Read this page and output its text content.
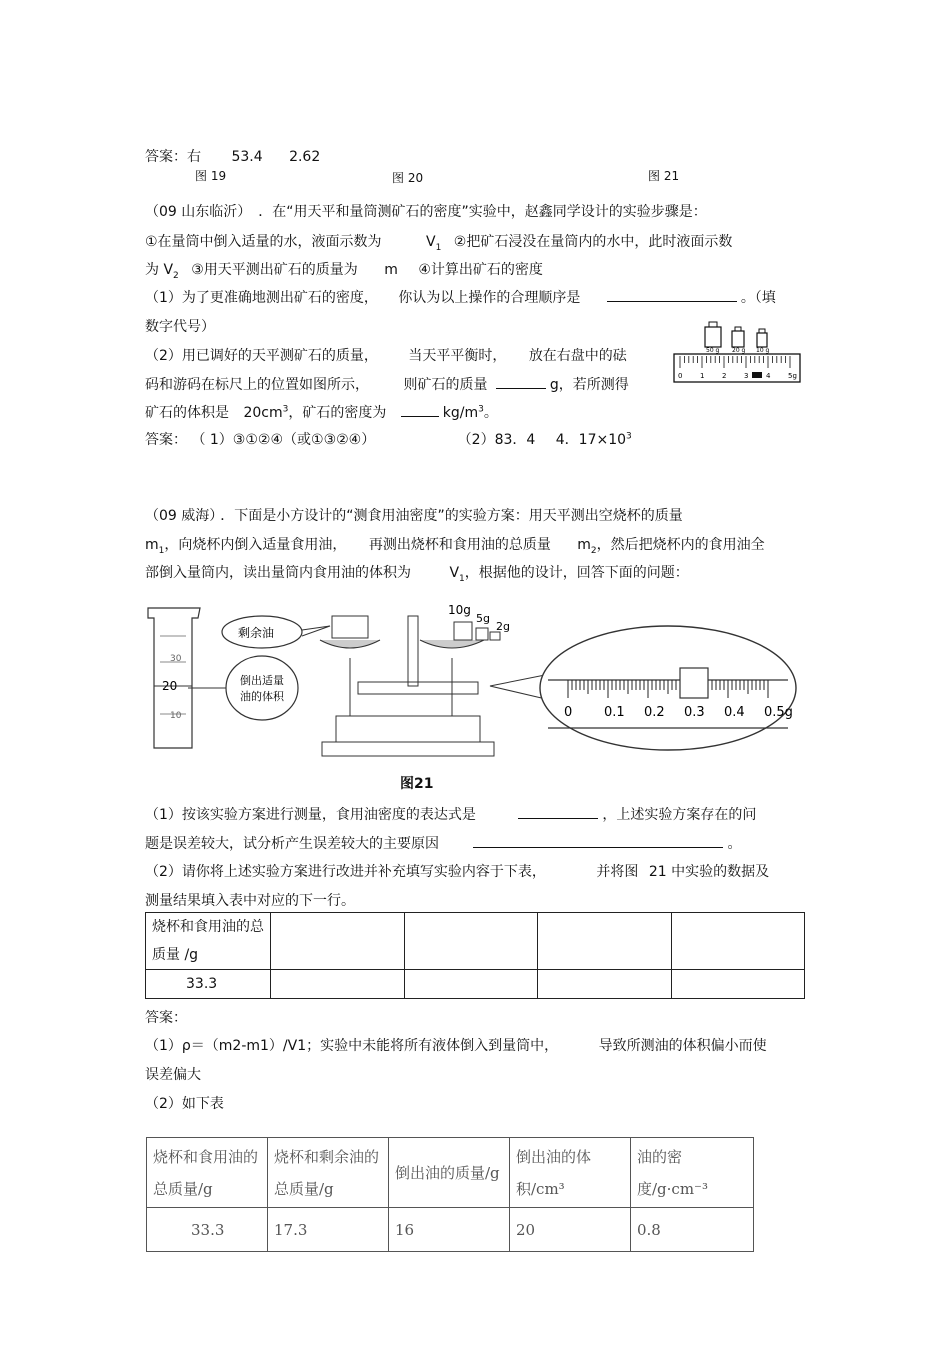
答案：右 53.4 2.62
图 19	图 20	图 21
（09 山东临沂） ．在“用天平和量筒测矿石的密度”实验中，赵鑫同学设计的实验步骤是：
①在量筒中倒入适量的水，液面示数为	$V_1$ ②把矿石浸没在量筒内的水中，此时液面示数
为 $V_2$ ③用天平测出矿石的质量为 m ④计算出矿石的密度
（1）为了更准确地测出矿石的密度， 你认为以上操作的合理顺序是	。（填
数字代号）
（2）用已调好的天平测矿石的质量， 当天平平衡时， 放在右盘中的砝
码和游码在标尺上的位置如图所示， 则矿石的质量	g，若所测得
矿石的体积是 $20cm^3$，矿石的密度为	$kg/m^3$。
答案： （ 1）③①②④（或①③②④）	（2）83．4 4．$17\times 10^3$
50 g 20 g 10 g
0	1	2	3	4	5g
（09 威海） ．下面是小方设计的“测食用油密度”的实验方案：用天平测出空烧杯的质量
$m_1$，向烧杯内倒入适量食用油， 再测出烧杯和食用油的总质量 $m_2$，然后把烧杯内的食用油全
部倒入量筒内，读出量筒内食用油的体积为	$V_1$，根据他的设计，回答下面的问题：
30
20
10
剩余油
倒出适量油的体积
10g
5g
2g
0 0.1 0.2 0.3 0.4 0.5g
图21
（1）按该实验方案进行测量，食用油密度的表达式是	，上述实验方案存在的问
题是误差较大，试分析产生误差较大的主要原因	。
（2）请你将上述实验方案进行改进并补充填写实验内容于下表，	并将图 21 中实验的数据及
测量结果填入表中对应的下一行。
烧杯和食用油的总质量 /g				
33.3				
答案：
（1）ρ＝（m2-m1）/V1；实验中未能将所有液体倒入到量筒中，	导致所测油的体积偏小而使
误差偏大
（2）如下表
烧杯和食用油的总质量/g	烧杯和剩余油的总质量/g	倒出油的质量/g	倒出油的体积/cm³	油的密度/g·cm⁻³
33.3	17.3	16	20	0.8
